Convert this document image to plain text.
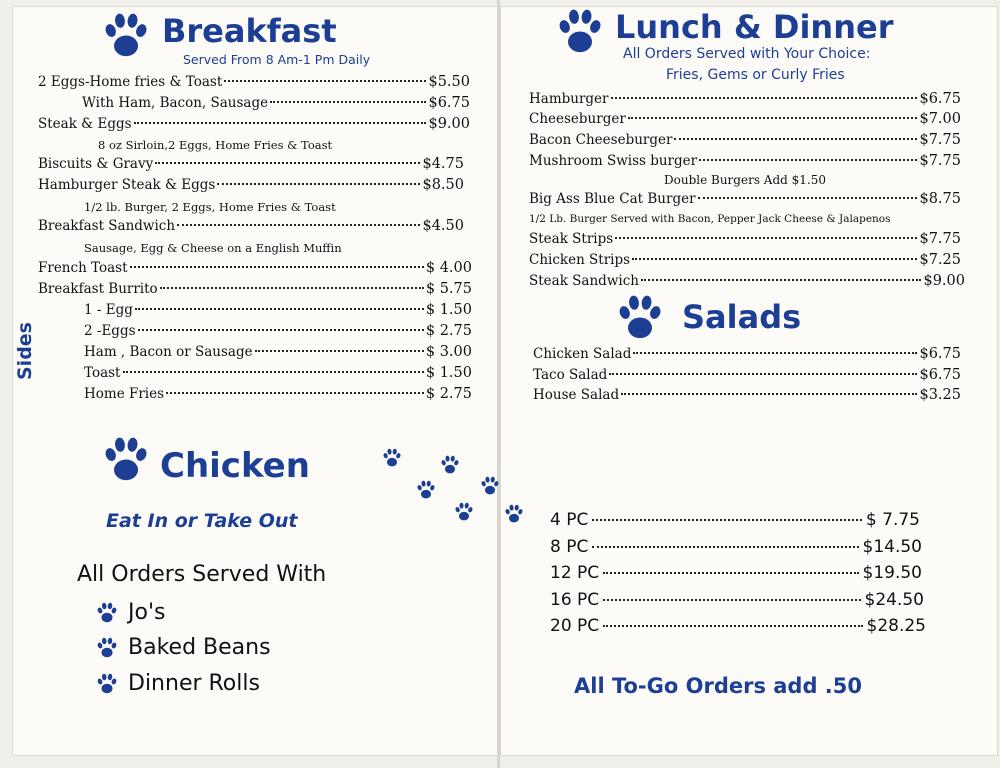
Breakfast
Served From 8 Am-1 Pm Daily
2 Eggs-Home fries & Toast	$5.50
With Ham, Bacon, Sausage	$6.75
Steak & Eggs	$9.00
8 oz Sirloin,2 Eggs, Home Fries & Toast
Biscuits & Gravy	$4.75
Hamburger Steak & Eggs	$8.50
1/2 lb. Burger, 2 Eggs, Home Fries & Toast
Breakfast Sandwich	$4.50
Sausage, Egg & Cheese on a English Muffin
French Toast	$ 4.00
Breakfast Burrito	$ 5.75
Sides
1 - Egg	$ 1.50
2 -Eggs	$ 2.75
Ham , Bacon or Sausage	$ 3.00
Toast	$ 1.50
Home Fries	$ 2.75
Chicken
Eat In or Take Out
All Orders Served With
Jo's
Baked Beans
Dinner Rolls
Lunch & Dinner
All Orders Served with Your Choice:
Fries, Gems or Curly Fries
Hamburger	$6.75
Cheeseburger	$7.00
Bacon Cheeseburger	$7.75
Mushroom Swiss burger	$7.75
Double Burgers Add $1.50
Big Ass Blue Cat Burger	$8.75
1/2 Lb. Burger Served with Bacon, Pepper Jack Cheese & Jalapenos
Steak Strips	$7.75
Chicken Strips	$7.25
Steak Sandwich	$9.00
Salads
Chicken Salad	$6.75
Taco Salad	$6.75
House Salad	$3.25
4 PC	$ 7.75
8 PC	$14.50
12 PC	$19.50
16 PC	$24.50
20 PC	$28.25
All To-Go Orders add .50
